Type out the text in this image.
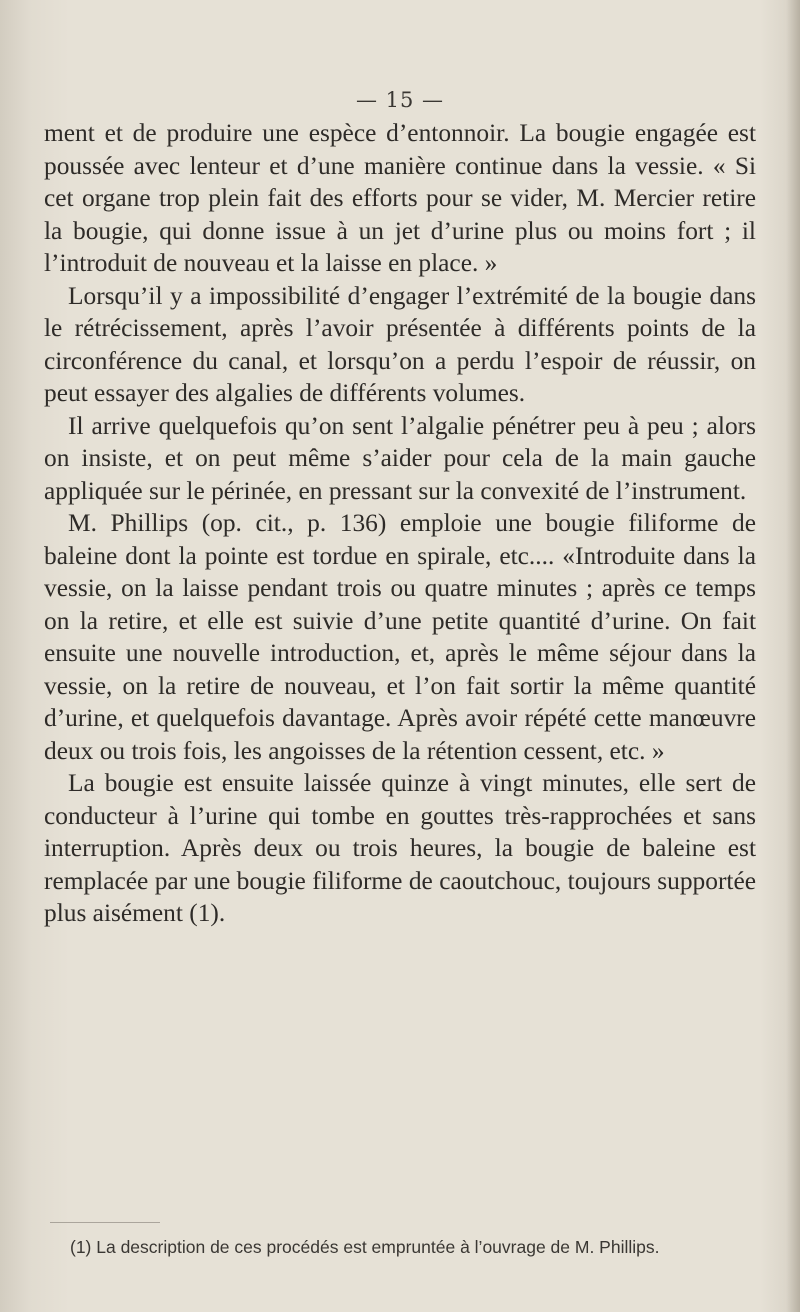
— 15 —

ment et de produire une espèce d’entonnoir. La bougie engagée est poussée avec lenteur et d’une manière continue dans la vessie. « Si cet organe trop plein fait des efforts pour se vider, M. Mercier retire la bougie, qui donne issue à un jet d’urine plus ou moins fort ; il l’introduit de nouveau et la laisse en place. »

Lorsqu’il y a impossibilité d’engager l’extrémité de la bougie dans le rétrécissement, après l’avoir présentée à différents points de la circonférence du canal, et lorsqu’on a perdu l’espoir de réussir, on peut essayer des algalies de différents volumes.

Il arrive quelquefois qu’on sent l’algalie pénétrer peu à peu ; alors on insiste, et on peut même s’aider pour cela de la main gauche appliquée sur le périnée, en pressant sur la convexité de l’instrument.

M. Phillips (op. cit., p. 136) emploie une bougie filiforme de baleine dont la pointe est tordue en spirale, etc.... «Introduite dans la vessie, on la laisse pendant trois ou quatre minutes ; après ce temps on la retire, et elle est suivie d’une petite quantité d’urine. On fait ensuite une nouvelle introduction, et, après le même séjour dans la vessie, on la retire de nouveau, et l’on fait sortir la même quantité d’urine, et quelquefois davantage. Après avoir répété cette manœuvre deux ou trois fois, les angoisses de la rétention cessent, etc. »

La bougie est ensuite laissée quinze à vingt minutes, elle sert de conducteur à l’urine qui tombe en gouttes très-rapprochées et sans interruption. Après deux ou trois heures, la bougie de baleine est remplacée par une bougie filiforme de caoutchouc, toujours supportée plus aisément (1).

(1) La description de ces procédés est empruntée à l’ouvrage de M. Phillips.
